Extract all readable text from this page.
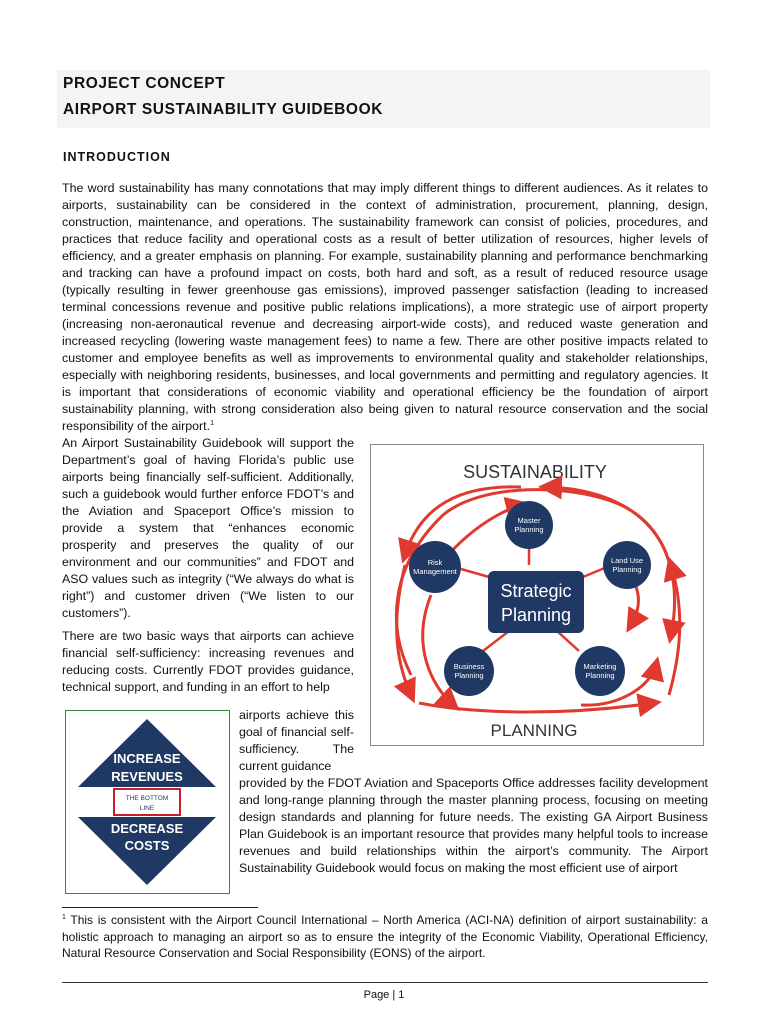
PROJECT CONCEPT
AIRPORT SUSTAINABILITY GUIDEBOOK
INTRODUCTION
The word sustainability has many connotations that may imply different things to different audiences. As it relates to airports, sustainability can be considered in the context of administration, procurement, planning, design, construction, maintenance, and operations. The sustainability framework can consist of policies, procedures, and practices that reduce facility and operational costs as a result of better utilization of resources, higher levels of efficiency, and a greater emphasis on planning. For example, sustainability planning and performance benchmarking and tracking can have a profound impact on costs, both hard and soft, as a result of reduced resource usage (typically resulting in fewer greenhouse gas emissions), improved passenger satisfaction (leading to increased terminal concessions revenue and positive public relations implications), a more strategic use of airport property (increasing non-aeronautical revenue and decreasing airport-wide costs), and reduced waste generation and increased recycling (lowering waste management fees) to name a few. There are other positive impacts related to customer and employee benefits as well as improvements to environmental quality and stakeholder relationships, especially with neighboring residents, businesses, and local governments and permitting and regulatory agencies. It is important that considerations of economic viability and operational efficiency be the foundation of airport sustainability planning, with strong consideration also being given to natural resource conservation and the social responsibility of the airport.$^1$
An Airport Sustainability Guidebook will support the Department’s goal of having Florida’s public use airports being financially self-sufficient. Additionally, such a guidebook would further enforce FDOT’s and the Aviation and Spaceport Office’s mission to provide a system that “enhances economic prosperity and preserves the quality of our environment and our communities” and FDOT and ASO values such as integrity (“We always do what is right”) and customer driven (“We listen to our customers”).
There are two basic ways that airports can achieve financial self-sufficiency: increasing revenues and reducing costs. Currently FDOT provides guidance, technical support, and funding in an effort to help
airports achieve this goal of financial self-sufficiency. The current guidance
provided by the FDOT Aviation and Spaceports Office addresses facility development and long-range planning through the master planning process, focusing on meeting design standards and planning for future needs. The existing GA Airport Business Plan Guidebook is an important resource that provides many helpful tools to increase revenues and build relationships within the airport’s community. The Airport Sustainability Guidebook would focus on making the most efficient use of airport
SUSTAINABILITY
PLANNING
Strategic
Planning
Master
Planning
Land Use
Planning
Risk
Management
Business
Planning
Marketing
Planning
INCREASE
REVENUES
DECREASE
COSTS
THE BOTTOM
LINE
$^1$ This is consistent with the Airport Council International – North America (ACI-NA) definition of airport sustainability: a holistic approach to managing an airport so as to ensure the integrity of the Economic Viability, Operational Efficiency, Natural Resource Conservation and Social Responsibility (EONS) of the airport.
Page | 1
